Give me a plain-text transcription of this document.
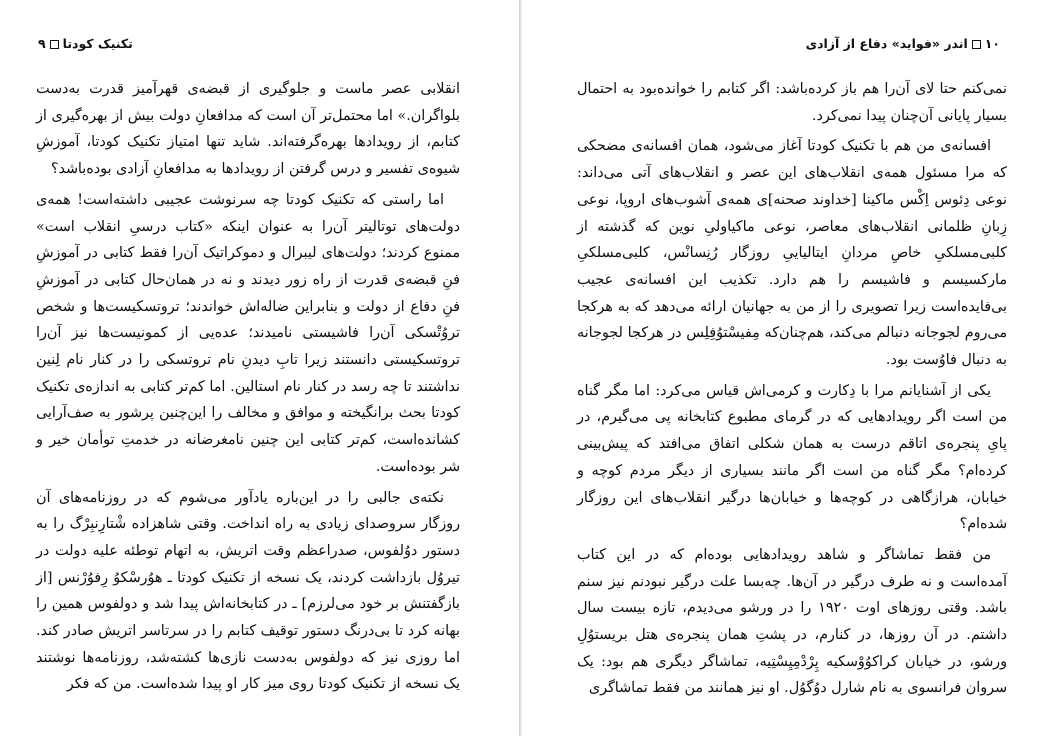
تکنیک کودتا۹

انقلابی عصر ماست و جلوگیری از قبضه‌ی قهرآمیز قدرت به‌دست بلواگران.» اما محتمل‌تر آن است که مدافعانِ دولت بیش از بهره‌گیری از کتابم، از رویدادها بهره‌گرفته‌اند. شاید تنها امتیاز تکنیک کودتا، آموزشِ شیوه‌ی تفسیر و درس گرفتن از رویدادها به مدافعانِ آزادی بوده‌باشد؟

اما راستی که تکنیک کودتا چه سرنوشت عجیبی داشته‌است! همه‌ی دولت‌های توتالیتر آن‌را به عنوان اینکه «کتاب درسیِ انقلاب است» ممنوع کردند؛ دولت‌های لیبرال و دموکراتیک آن‌را فقط کتابی در آموزشِ فنِ قبضه‌ی قدرت از راه زور دیدند و نه در همان‌حال کتابی در آموزشِ فنِ دفاع از دولت و بنابراین ضاله‌اش خواندند؛ تروتسکیست‌ها و شخص تروُتْسکی آن‌را فاشیستی نامیدند؛ عده‌یی از کمونیست‌ها نیز آن‌را تروتسکیستی دانستند زیرا تابِ دیدنِ نام تروتسکی را در کنار نام لِنین نداشتند تا چه رسد در کنار نام استالین. اما کم‌تر کتابی به اندازه‌ی تکنیک کودتا بحث برانگیخته و موافق و مخالف را این‌چنین پرشور به صف‌آرایی کشانده‌است، کم‌تر کتابی این چنین نامغرضانه در خدمتِ توأمان خیر و شر بوده‌است.

نکته‌ی جالبی را در این‌باره یادآور می‌شوم که در روزنامه‌های آن روزگار سروصدای زیادی به راه انداخت. وقتی شاهزاده شْتارِنبِرْگ را به دستور دوُلفوس، صدراعظم وقت اتریش، به اتهام توطئه علیه دولت در تیروُل بازداشت کردند، یک نسخه از تکنیک کودتا ـ هوُرسْکوُ رِفوُرْنس [از بازگفتنش بر خود می‌لرزم] ـ در کتابخانه‌اش پیدا شد و دولفوس همین را بهانه کرد تا بی‌درنگ دستور توقیف کتابم را در سرتاسر اتریش صادر کند. اما روزی نیز که دولفوس به‌دست نازی‌ها کشته‌شد، روزنامه‌ها نوشتند یک نسخه از تکنیک کودتا روی میز کار او پیدا شده‌است. من که فکر

۱۰اندر «فواید» دفاع از آزادی

نمی‌کنم حتا لای آن‌را هم باز کرده‌باشد: اگر کتابم را خوانده‌بود به احتمال بسیار پایانی آن‌چنان پیدا نمی‌کرد.

افسانه‌ی من هم با تکنیک کودتا آغاز می‌شود، همان افسانه‌ی مضحکی که مرا مسئول همه‌ی انقلاب‌های این عصر و انقلاب‌های آتی می‌داند: نوعی دِئوس اِکْس ماکینا [خداوند صحنه]ی همه‌ی آشوب‌های اروپا، نوعی زِبانِ ظلمانی انقلاب‌های معاصر، نوعی ماکیاولیِ نوین که گذشته از کلبی‌مسلکیِ خاصِ مردانِ ایتالیاییِ روزگار رُنِسانْس، کلبی‌مسلکیِ مارکسیسم و فاشیسم را هم دارد. تکذیب این افسانه‌ی عجیب بی‌فایده‌است زیرا تصویری را از من به جهانیان ارائه می‌دهد که به هرکجا می‌روم لجوجانه دنبالم می‌کند، هم‌چنان‌که مِفیسْتوُفِلِس در هرکجا لجوجانه به دنبال فاوُست بود.

یکی از آشنایانم مرا با دِکارت و کرمی‌اش قیاس می‌کرد: اما مگر گناه من است اگر رویدادهایی که در گرمای مطبوع کتابخانه پی می‌گیرم، در پایِ پنجره‌ی اتاقم درست به همان شکلی اتفاق می‌افتد که پیش‌بینی کرده‌ام؟ مگر گناه من است اگر مانند بسیاری از دیگر مردم کوچه و خیابان، هرازگاهی در کوچه‌ها و خیابان‌ها درگیر انقلاب‌های این روزگار شده‌ام؟

من فقط تماشاگر و شاهد رویدادهایی بوده‌ام که در این کتاب آمده‌است و نه طرف درگیر در آن‌ها. چه‌بسا علت درگیر نبودنم نیز سنم باشد. وقتی روزهای اوت ۱۹۲۰ را در ورشو می‌دیدم، تازه بیست سال داشتم. در آن روزها، در کنارم، در پشتِ همان پنجره‌ی هتل بریستوُلِ ورشو، در خیابان کراکوُوْسکیه پِرْدْمِیِسْتِیه، تماشاگر دیگری هم بود: یک سروان فرانسوی به نام شارل دوُگوُل. او نیز همانند من فقط تماشاگری
